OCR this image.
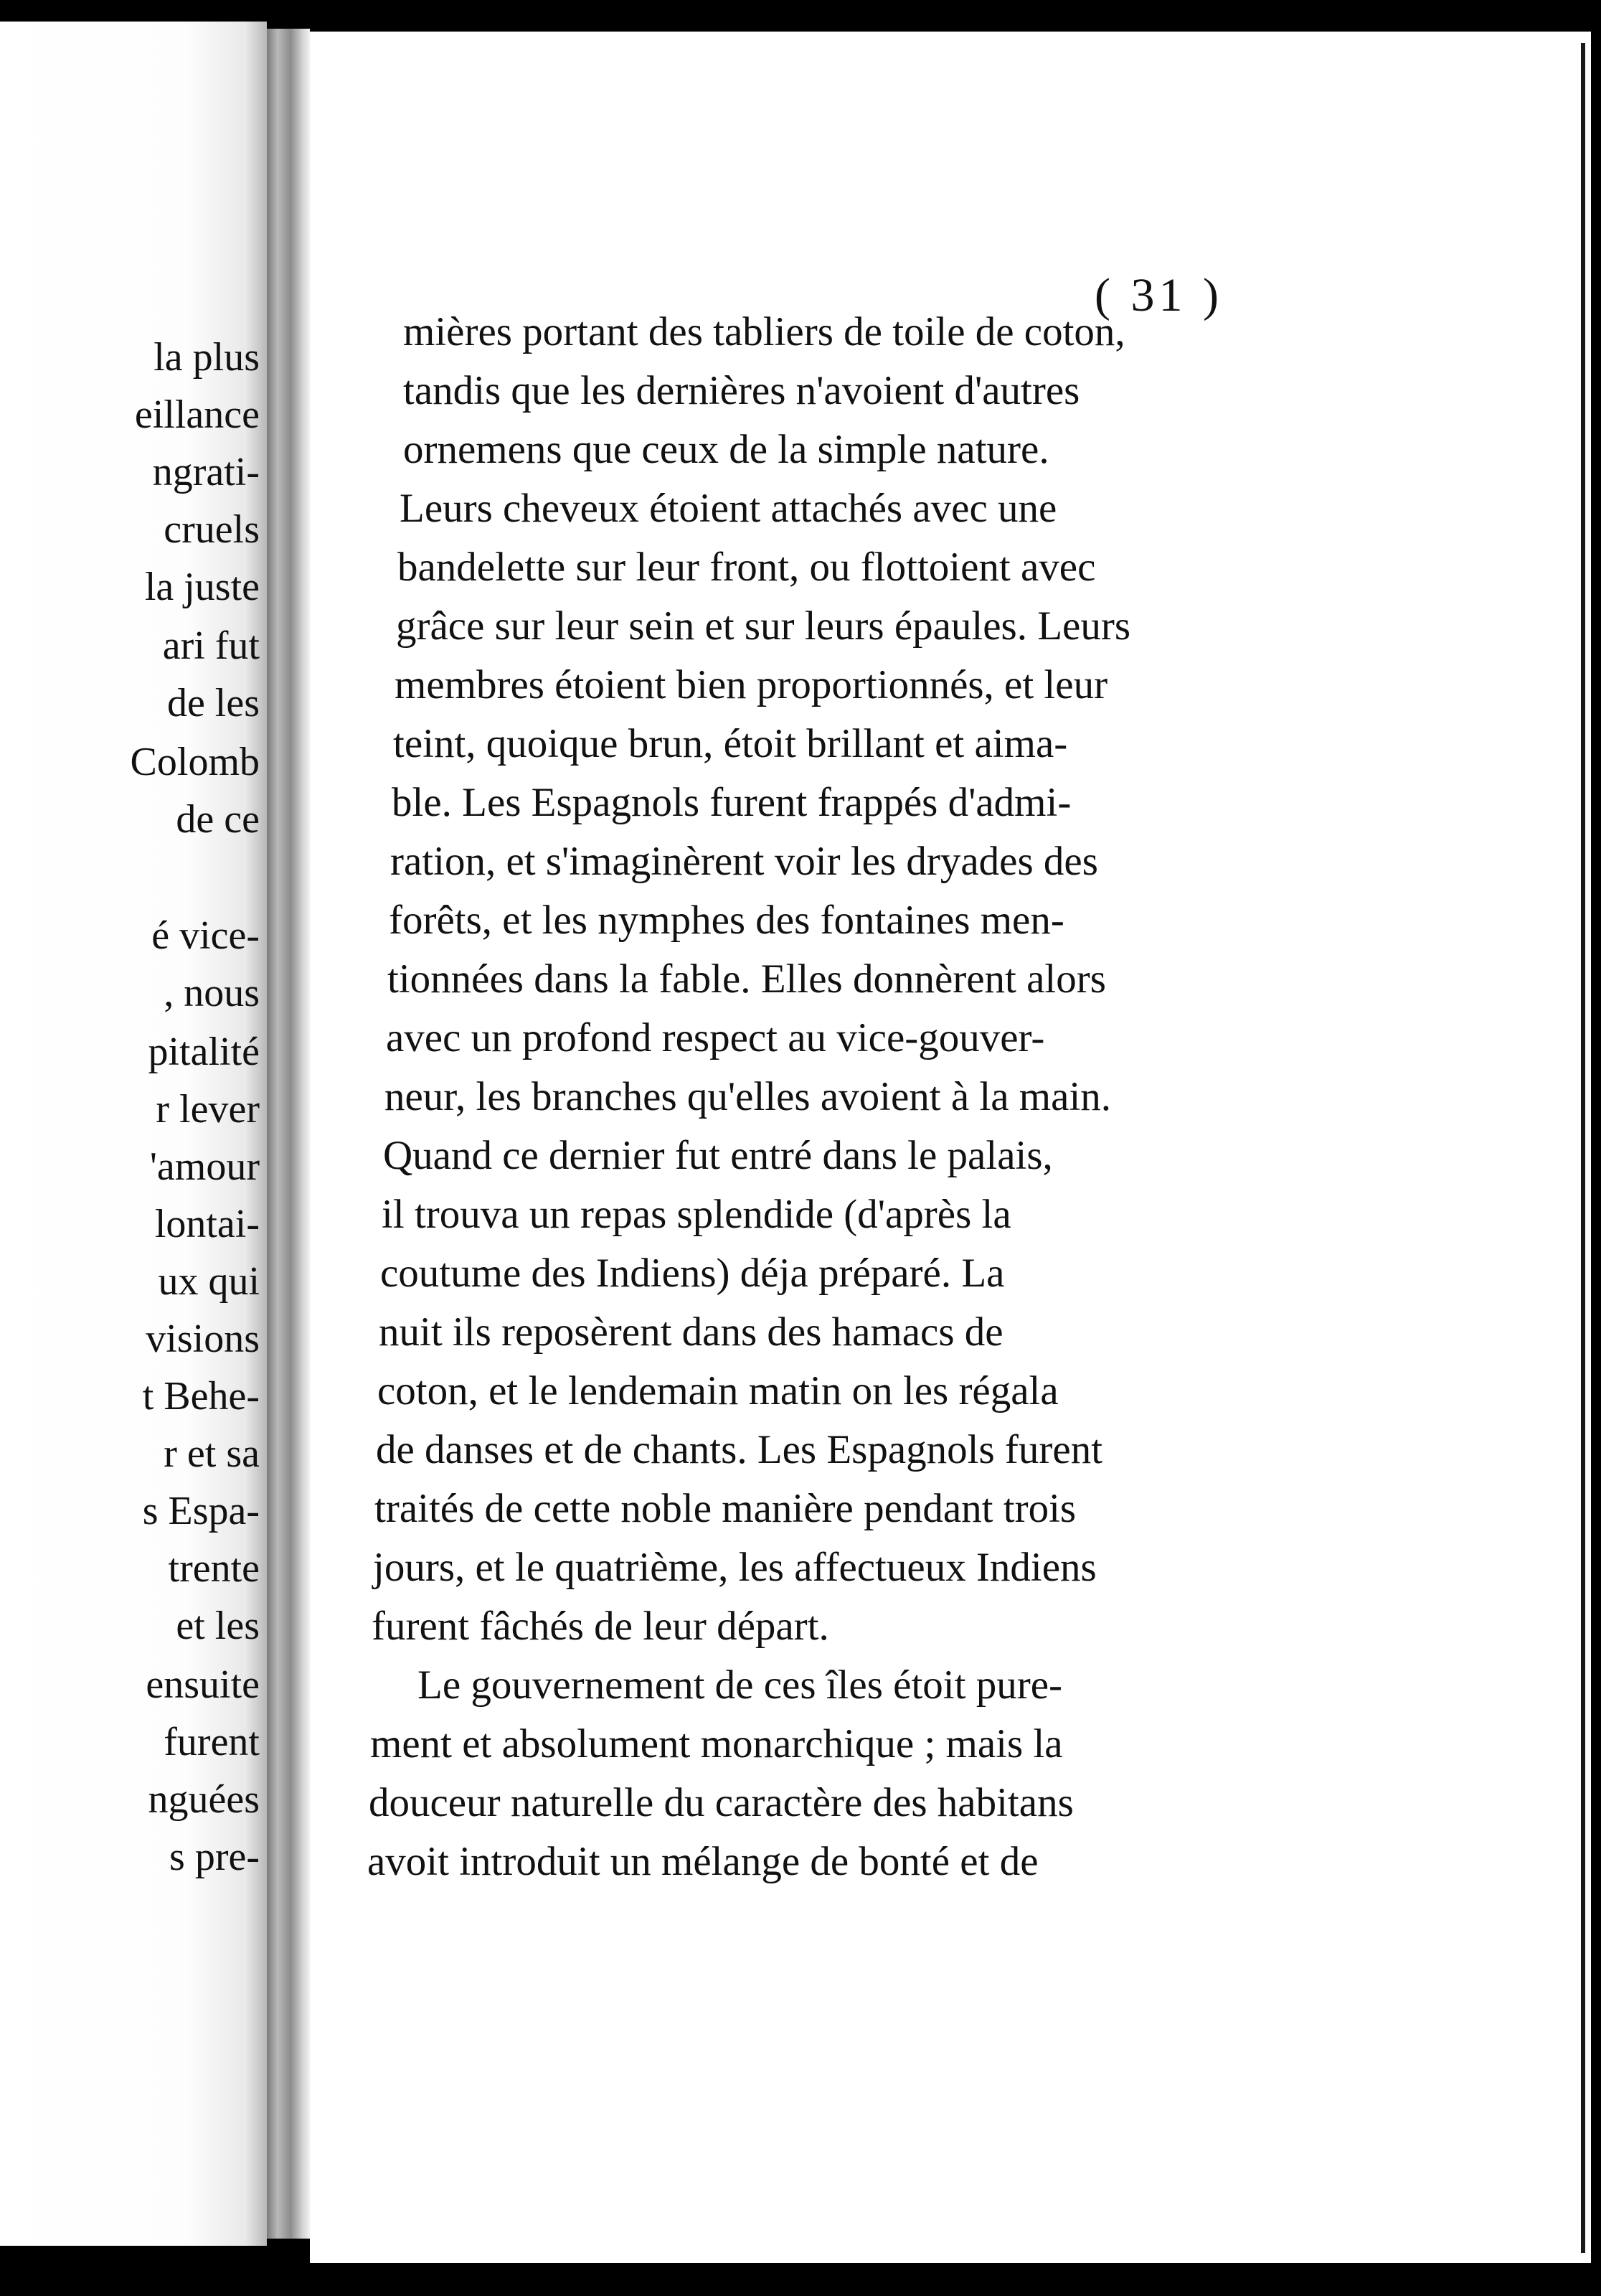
la plus
eillance
ngrati-
cruels
la juste
ari fut
de les
Colomb
de ce
é vice-
, nous
pitalité
r lever
'amour
lontai-
ux qui
visions
t Behe-
r et sa
s Espa-
trente
et les
ensuite
furent
nguées
s pre-
( 31 )
mières portant des tabliers de toile de coton,
tandis que les dernières n'avoient d'autres
ornemens que ceux de la simple nature.
Leurs cheveux étoient attachés avec une
bandelette sur leur front, ou flottoient avec
grâce sur leur sein et sur leurs épaules. Leurs
membres étoient bien proportionnés, et leur
teint, quoique brun, étoit brillant et aima-
ble. Les Espagnols furent frappés d'admi-
ration, et s'imaginèrent voir les dryades des
forêts, et les nymphes des fontaines men-
tionnées dans la fable. Elles donnèrent alors
avec un profond respect au vice-gouver-
neur, les branches qu'elles avoient à la main.
Quand ce dernier fut entré dans le palais,
il trouva un repas splendide (d'après la
coutume des Indiens) déja préparé. La
nuit ils reposèrent dans des hamacs de
coton, et le lendemain matin on les régala
de danses et de chants. Les Espagnols furent
traités de cette noble manière pendant trois
jours, et le quatrième, les affectueux Indiens
furent fâchés de leur départ.
Le gouvernement de ces îles étoit pure-
ment et absolument monarchique ; mais la
douceur naturelle du caractère des habitans
avoit introduit un mélange de bonté et de
